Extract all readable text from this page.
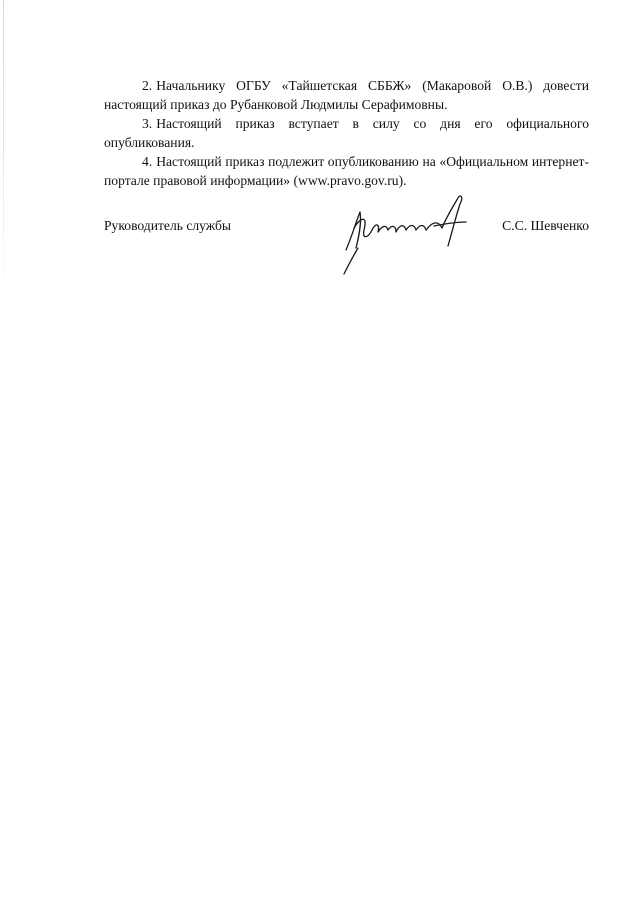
2. Начальнику ОГБУ «Тайшетская СББЖ» (Макаровой О.В.) довести настоящий приказ до Рубанковой Людмилы Серафимовны.

3. Настоящий приказ вступает в силу со дня его официального опубликования.

4. Настоящий приказ подлежит опубликованию на «Официальном интернет-портале правовой информации» (www.pravo.gov.ru).

Руководитель службы	С.С. Шевченко
